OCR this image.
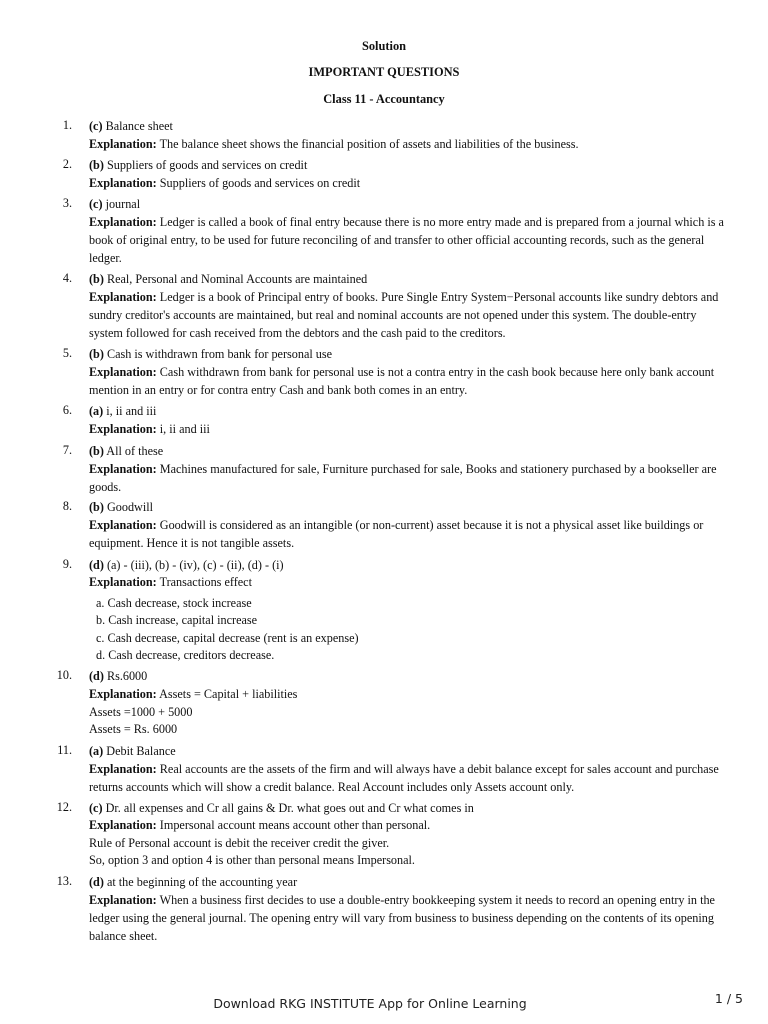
Solution
IMPORTANT QUESTIONS
Class 11 - Accountancy
1. (c) Balance sheet
Explanation: The balance sheet shows the financial position of assets and liabilities of the business.
2. (b) Suppliers of goods and services on credit
Explanation: Suppliers of goods and services on credit
3. (c) journal
Explanation: Ledger is called a book of final entry because there is no more entry made and is prepared from a journal which is a book of original entry, to be used for future reconciling of and transfer to other official accounting records, such as the general ledger.
4. (b) Real, Personal and Nominal Accounts are maintained
Explanation: Ledger is a book of Principal entry of books. Pure Single Entry System−Personal accounts like sundry debtors and sundry creditor's accounts are maintained, but real and nominal accounts are not opened under this system. The double-entry system followed for cash received from the debtors and the cash paid to the creditors.
5. (b) Cash is withdrawn from bank for personal use
Explanation: Cash withdrawn from bank for personal use is not a contra entry in the cash book because here only bank account mention in an entry or for contra entry Cash and bank both comes in an entry.
6. (a) i, ii and iii
Explanation: i, ii and iii
7. (b) All of these
Explanation: Machines manufactured for sale, Furniture purchased for sale, Books and stationery purchased by a bookseller are goods.
8. (b) Goodwill
Explanation: Goodwill is considered as an intangible (or non-current) asset because it is not a physical asset like buildings or equipment. Hence it is not tangible assets.
9. (d) (a) - (iii), (b) - (iv), (c) - (ii), (d) - (i)
Explanation: Transactions effect
a. Cash decrease, stock increase
b. Cash increase, capital increase
c. Cash decrease, capital decrease (rent is an expense)
d. Cash decrease, creditors decrease.
10. (d) Rs.6000
Explanation: Assets = Capital + liabilities
Assets =1000 + 5000
Assets = Rs. 6000
11. (a) Debit Balance
Explanation: Real accounts are the assets of the firm and will always have a debit balance except for sales account and purchase returns accounts which will show a credit balance. Real Account includes only Assets account only.
12. (c) Dr. all expenses and Cr all gains & Dr. what goes out and Cr what comes in
Explanation: Impersonal account means account other than personal.
Rule of Personal account is debit the receiver credit the giver.
So, option 3 and option 4 is other than personal means Impersonal.
13. (d) at the beginning of the accounting year
Explanation: When a business first decides to use a double-entry bookkeeping system it needs to record an opening entry in the ledger using the general journal. The opening entry will vary from business to business depending on the contents of its opening balance sheet.
Download RKG INSTITUTE App for Online Learning	1 / 5
